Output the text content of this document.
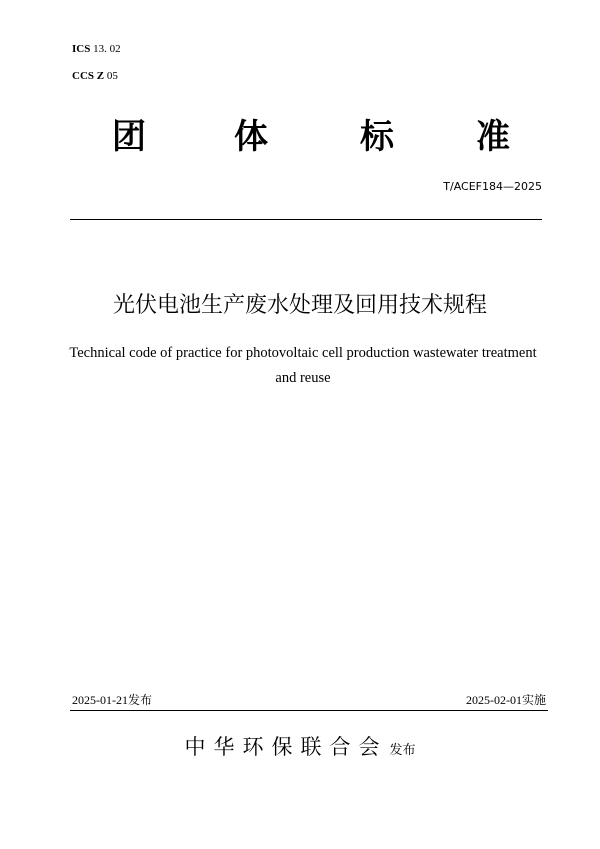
ICS 13. 02
CCS Z 05
团	体	标 准
T/ACEF184—2025
光伏电池生产废水处理及回用技术规程
Technical code of practice for photovoltaic cell production wastewater treatment and reuse
2025-01-21发布	2025-02-01实施
中华环保联合会 发布
